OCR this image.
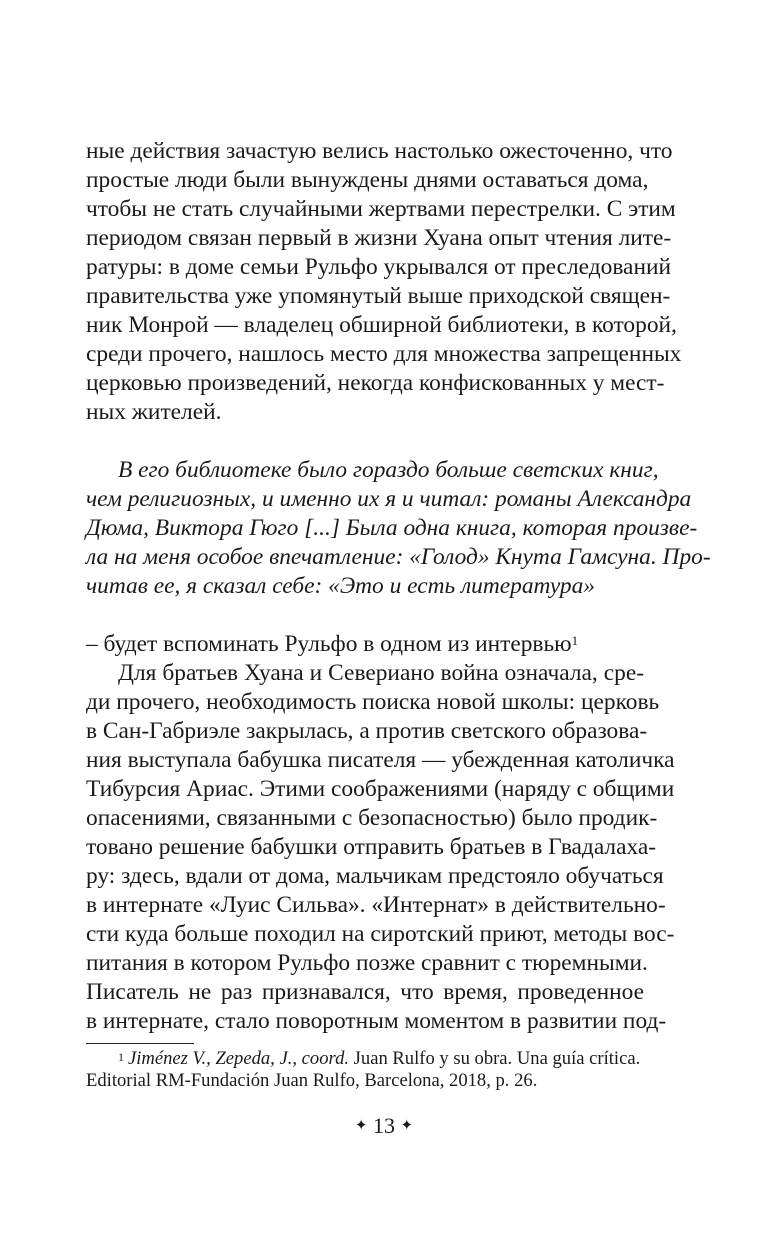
ные действия зачастую велись настолько ожесточенно, что
простые люди были вынуждены днями оставаться дома,
чтобы не стать случайными жертвами перестрелки. С этим
периодом связан первый в жизни Хуана опыт чтения лите-
ратуры: в доме семьи Рульфо укрывался от преследований
правительства уже упомянутый выше приходской священ-
ник Монрой — владелец обширной библиотеки, в которой,
среди прочего, нашлось место для множества запрещенных
церковью произведений, некогда конфискованных у мест-
ных жителей.
В его библиотеке было гораздо больше светских книг,
чем религиозных, и именно их я и читал: романы Александра
Дюма, Виктора Гюго [...] Была одна книга, которая произве-
ла на меня особое впечатление: «Голод» Кнута Гамсуна. Про-
читав ее, я сказал себе: «Это и есть литература»
– будет вспоминать Рульфо в одном из интервью$^1$
Для братьев Хуана и Севериано война означала, сре-
ди прочего, необходимость поиска новой школы: церковь
в Сан-Габриэле закрылась, а против светского образова-
ния выступала бабушка писателя — убежденная католичка
Тибурсия Ариас. Этими соображениями (наряду с общими
опасениями, связанными с безопасностью) было продик-
товано решение бабушки отправить братьев в Гвадалаха-
ру: здесь, вдали от дома, мальчикам предстояло обучаться
в интернате «Луис Сильва». «Интернат» в действительно-
сти куда больше походил на сиротский приют, методы вос-
питания в котором Рульфо позже сравнит с тюремными.
Писатель не раз признавался, что время, проведенное
в интернате, стало поворотным моментом в развитии под-
$^1$ Jiménez V., Zepeda, J., coord. Juan Rulfo y su obra. Una guía crítica.
Editorial RM-Fundación Juan Rulfo, Barcelona, 2018, p. 26.
✦ 13 ✦
